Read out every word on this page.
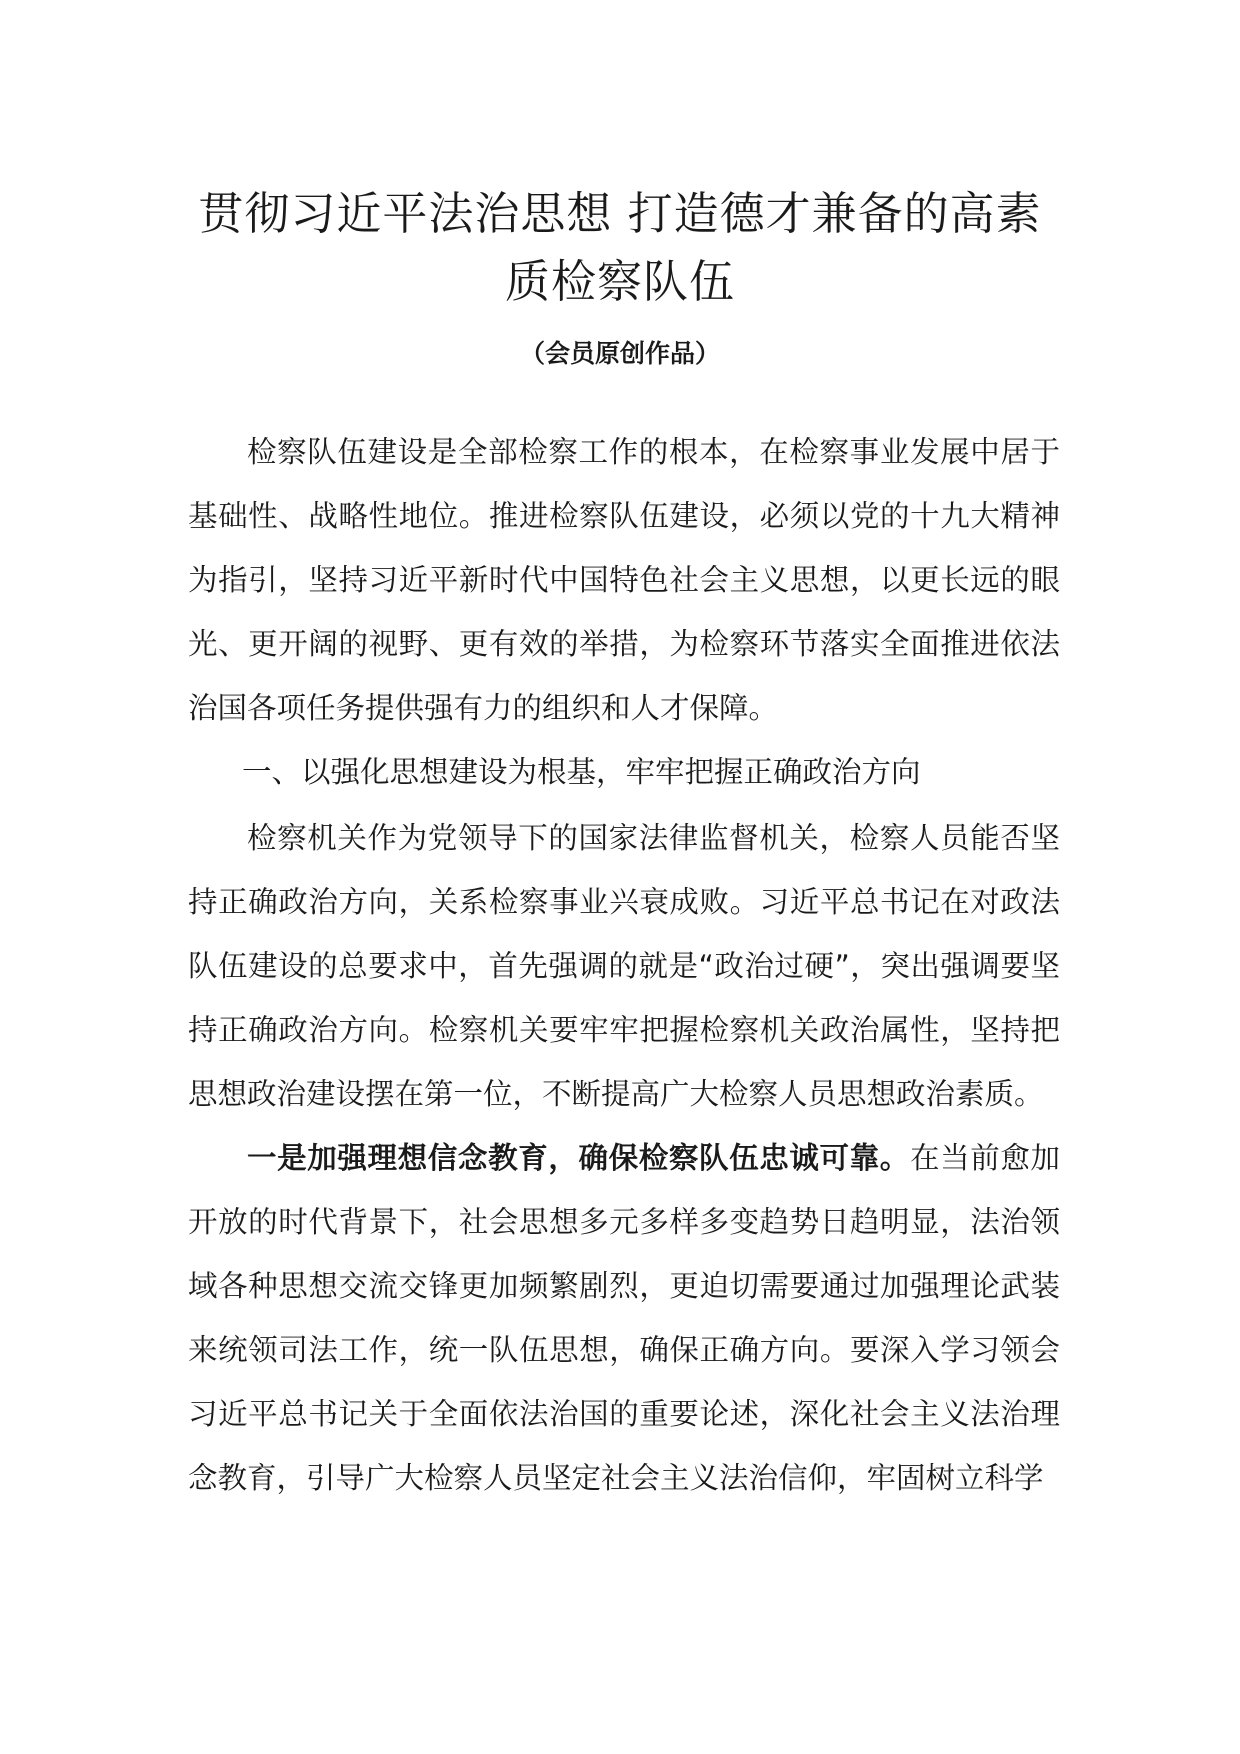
贯彻习近平法治思想 打造德才兼备的高素
质检察队伍

（会员原创作品）

检察队伍建设是全部检察工作的根本，在检察事业发展中居于基础性、战略性地位。推进检察队伍建设，必须以党的十九大精神为指引，坚持习近平新时代中国特色社会主义思想，以更长远的眼光、更开阔的视野、更有效的举措，为检察环节落实全面推进依法治国各项任务提供强有力的组织和人才保障。

一、以强化思想建设为根基，牢牢把握正确政治方向

检察机关作为党领导下的国家法律监督机关，检察人员能否坚持正确政治方向，关系检察事业兴衰成败。习近平总书记在对政法队伍建设的总要求中，首先强调的就是“政治过硬”，突出强调要坚持正确政治方向。检察机关要牢牢把握检察机关政治属性，坚持把思想政治建设摆在第一位，不断提高广大检察人员思想政治素质。

一是加强理想信念教育，确保检察队伍忠诚可靠。在当前愈加开放的时代背景下，社会思想多元多样多变趋势日趋明显，法治领域各种思想交流交锋更加频繁剧烈，更迫切需要通过加强理论武装来统领司法工作，统一队伍思想，确保正确方向。要深入学习领会习近平总书记关于全面依法治国的重要论述，深化社会主义法治理念教育，引导广大检察人员坚定社会主义法治信仰，牢固树立科学
